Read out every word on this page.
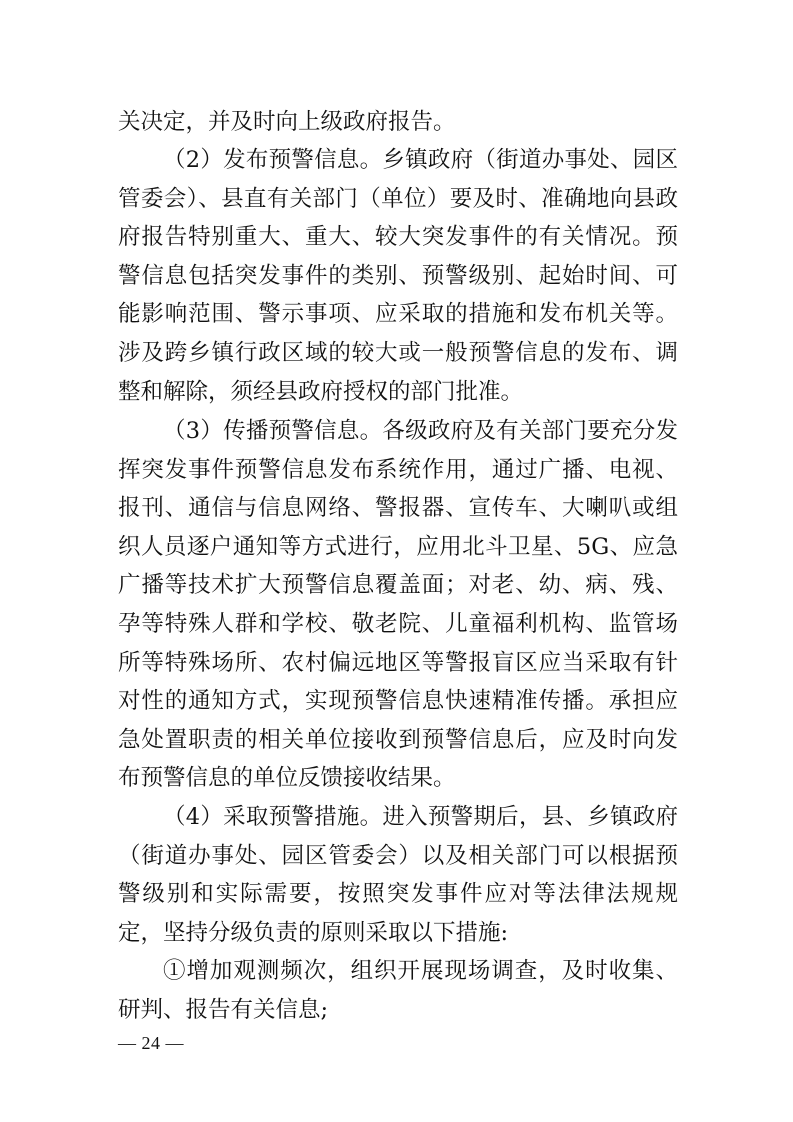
关决定，并及时向上级政府报告。

（2）发布预警信息。乡镇政府（街道办事处、园区管委会）、县直有关部门（单位）要及时、准确地向县政府报告特别重大、重大、较大突发事件的有关情况。预警信息包括突发事件的类别、预警级别、起始时间、可能影响范围、警示事项、应采取的措施和发布机关等。涉及跨乡镇行政区域的较大或一般预警信息的发布、调整和解除，须经县政府授权的部门批准。

（3）传播预警信息。各级政府及有关部门要充分发挥突发事件预警信息发布系统作用，通过广播、电视、报刊、通信与信息网络、警报器、宣传车、大喇叭或组织人员逐户通知等方式进行，应用北斗卫星、5G、应急广播等技术扩大预警信息覆盖面；对老、幼、病、残、孕等特殊人群和学校、敬老院、儿童福利机构、监管场所等特殊场所、农村偏远地区等警报盲区应当采取有针对性的通知方式，实现预警信息快速精准传播。承担应急处置职责的相关单位接收到预警信息后，应及时向发布预警信息的单位反馈接收结果。

（4）采取预警措施。进入预警期后，县、乡镇政府（街道办事处、园区管委会）以及相关部门可以根据预警级别和实际需要，按照突发事件应对等法律法规规定，坚持分级负责的原则采取以下措施:

①增加观测频次，组织开展现场调查，及时收集、研判、报告有关信息;

— 24 —
